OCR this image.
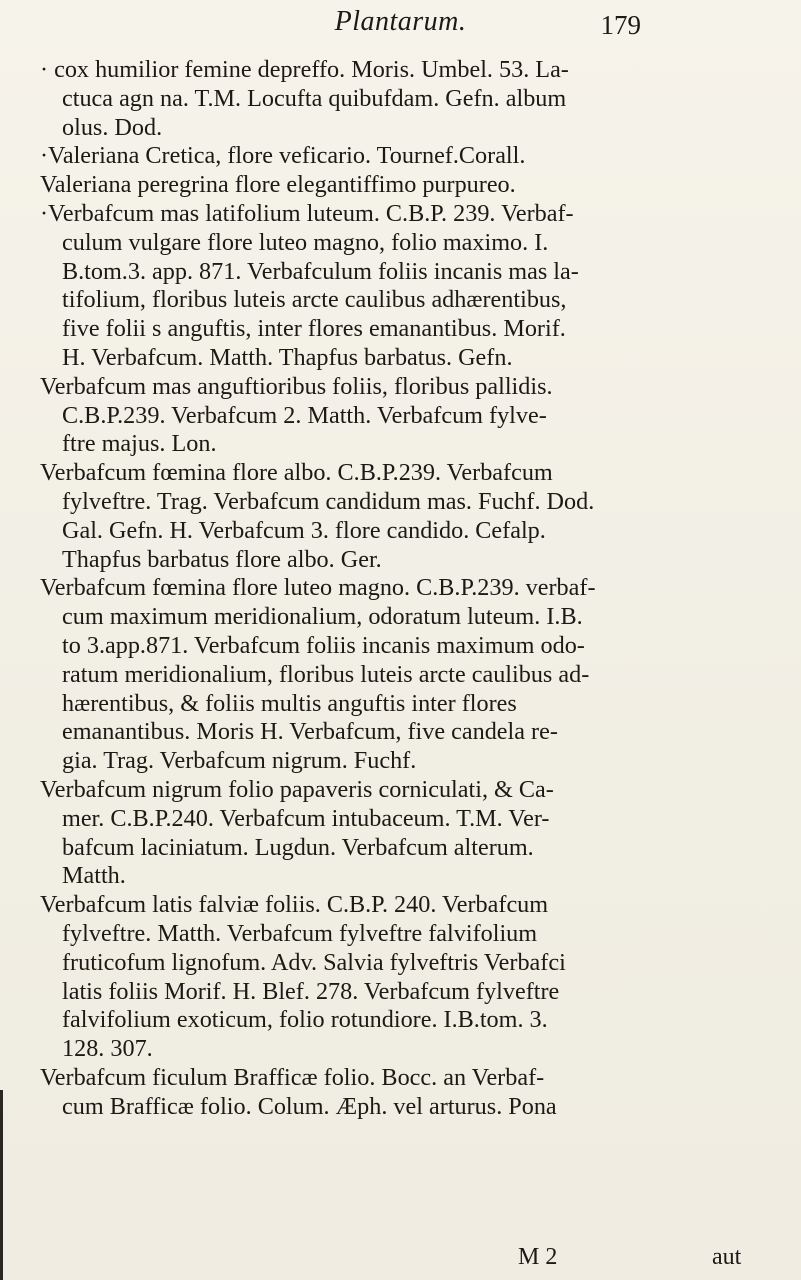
Plantarum.	179
· cox humilior femine depreffo. Moris. Umbel. 53. La-
ctuca agn na. T.M. Locufta quibufdam. Gefn. album
olus. Dod.
·Valeriana Cretica, flore veficario. Tournef.Corall.
Valeriana peregrina flore elegantiffimo purpureo.
·Verbafcum mas latifolium luteum. C.B.P. 239. Verbaf-
culum vulgare flore luteo magno, folio maximo. I.
B.tom.3. app. 871. Verbafculum foliis incanis mas la-
tifolium, floribus luteis arcte caulibus adhærentibus,
five folii s anguftis, inter flores emanantibus. Morif.
H. Verbafcum. Matth. Thapfus barbatus. Gefn.
Verbafcum mas anguftioribus foliis, floribus pallidis.
C.B.P.239. Verbafcum 2. Matth. Verbafcum fylve-
ftre majus. Lon.
Verbafcum fœmina flore albo. C.B.P.239. Verbafcum
fylveftre. Trag. Verbafcum candidum mas. Fuchf. Dod.
Gal. Gefn. H. Verbafcum 3. flore candido. Cefalp.
Thapfus barbatus flore albo. Ger.
Verbafcum fœmina flore luteo magno. C.B.P.239. verbaf-
cum maximum meridionalium, odoratum luteum. I.B.
to 3.app.871. Verbafcum foliis incanis maximum odo-
ratum meridionalium, floribus luteis arcte caulibus ad-
hærentibus, & foliis multis anguftis inter flores
emanantibus. Moris H. Verbafcum, five candela re-
gia. Trag. Verbafcum nigrum. Fuchf.
Verbafcum nigrum folio papaveris corniculati, & Ca-
mer. C.B.P.240. Verbafcum intubaceum. T.M. Ver-
bafcum laciniatum. Lugdun. Verbafcum alterum.
Matth.
Verbafcum latis falviæ foliis. C.B.P. 240. Verbafcum
fylveftre. Matth. Verbafcum fylveftre falvifolium
fruticofum lignofum. Adv. Salvia fylveftris Verbafci
latis foliis Morif. H. Blef. 278. Verbafcum fylveftre
falvifolium exoticum, folio rotundiore. I.B.tom. 3.
128. 307.
Verbafcum ficulum Brafficæ folio. Bocc. an Verbaf-
cum Brafficæ folio. Colum. Æph. vel arturus. Pona
M 2	aut
